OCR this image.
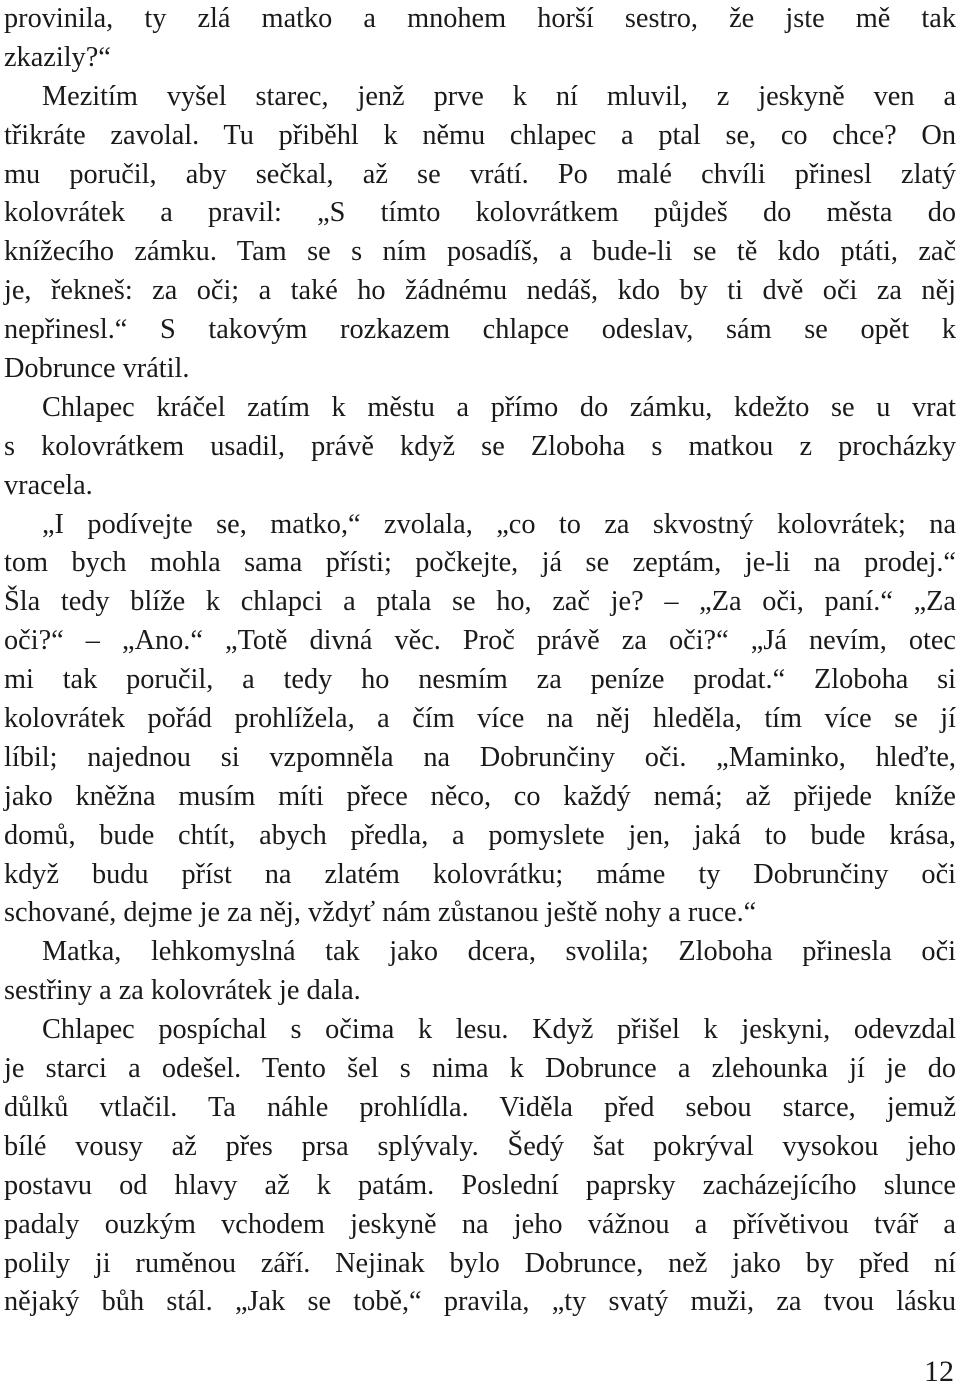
provinila, ty zlá matko a mnohem horší sestro, že jste mě tak
zkazily?“
Mezitím vyšel starec, jenž prve k ní mluvil, z jeskyně ven a
třikráte zavolal. Tu přiběhl k němu chlapec a ptal se, co chce? On
mu poručil, aby sečkal, až se vrátí. Po malé chvíli přinesl zlatý
kolovrátek a pravil: „S tímto kolovrátkem půjdeš do města do
knížecího zámku. Tam se s ním posadíš, a bude-li se tě kdo ptáti, zač
je, řekneš: za oči; a také ho žádnému nedáš, kdo by ti dvě oči za něj
nepřinesl.“ S takovým rozkazem chlapce odeslav, sám se opět k
Dobrunce vrátil.
Chlapec kráčel zatím k městu a přímo do zámku, kdežto se u vrat
s kolovrátkem usadil, právě když se Zloboha s matkou z procházky
vracela.
„I podívejte se, matko,“ zvolala, „co to za skvostný kolovrátek; na
tom bych mohla sama přísti; počkejte, já se zeptám, je-li na prodej.“
Šla tedy blíže k chlapci a ptala se ho, zač je? – „Za oči, paní.“ „Za
oči?“ – „Ano.“ „Totě divná věc. Proč právě za oči?“ „Já nevím, otec
mi tak poručil, a tedy ho nesmím za peníze prodat.“ Zloboha si
kolovrátek pořád prohlížela, a čím více na něj hleděla, tím více se jí
líbil; najednou si vzpomněla na Dobrunčiny oči. „Maminko, hleďte,
jako kněžna musím míti přece něco, co každý nemá; až přijede kníže
domů, bude chtít, abych předla, a pomyslete jen, jaká to bude krása,
když budu příst na zlatém kolovrátku; máme ty Dobrunčiny oči
schované, dejme je za něj, vždyť nám zůstanou ještě nohy a ruce.“
Matka, lehkomyslná tak jako dcera, svolila; Zloboha přinesla oči
sestřiny a za kolovrátek je dala.
Chlapec pospíchal s očima k lesu. Když přišel k jeskyni, odevzdal
je starci a odešel. Tento šel s nima k Dobrunce a zlehounka jí je do
důlků vtlačil. Ta náhle prohlídla. Viděla před sebou starce, jemuž
bílé vousy až přes prsa splývaly. Šedý šat pokrýval vysokou jeho
postavu od hlavy až k patám. Poslední paprsky zacházejícího slunce
padaly ouzkým vchodem jeskyně na jeho vážnou a přívětivou tvář a
polily ji ruměnou září. Nejinak bylo Dobrunce, než jako by před ní
nějaký bůh stál. „Jak se tobě,“ pravila, „ty svatý muži, za tvou lásku
12
